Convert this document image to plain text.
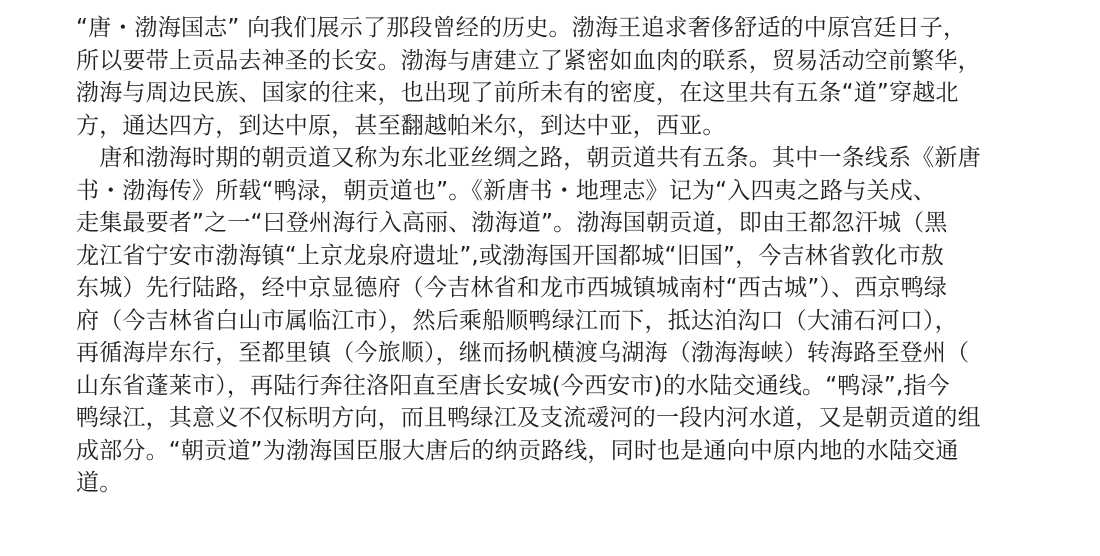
“唐・渤海国志” 向我们展示了那段曾经的历史。渤海王追求奢侈舒适的中原宫廷日子，
所以要带上贡品去神圣的长安。渤海与唐建立了紧密如血肉的联系，贸易活动空前繁华，
渤海与周边民族、国家的往来，也出现了前所未有的密度，在这里共有五条“道”穿越北
方，通达四方，到达中原，甚至翻越帕米尔，到达中亚，西亚。
　唐和渤海时期的朝贡道又称为东北亚丝绸之路，朝贡道共有五条。其中一条线系《新唐
书・渤海传》所载“鸭渌，朝贡道也”。《新唐书・地理志》记为“入四夷之路与关戍、
走集最要者”之一“曰登州海行入高丽、渤海道”。渤海国朝贡道，即由王都忽汗城（黑
龙江省宁安市渤海镇“上京龙泉府遗址”,或渤海国开国都城“旧国”，今吉林省敦化市敖
东城）先行陆路，经中京显德府（今吉林省和龙市西城镇城南村“西古城”）、西京鸭绿
府（今吉林省白山市属临江市），然后乘船顺鸭绿江而下，抵达泊沟口（大浦石河口），
再循海岸东行，至都里镇（今旅顺），继而扬帆横渡乌湖海（渤海海峡）转海路至登州（
山东省蓬莱市），再陆行奔往洛阳直至唐长安城(今西安市)的水陆交通线。“鸭渌”,指今
鸭绿江，其意义不仅标明方向，而且鸭绿江及支流叆河的一段内河水道，又是朝贡道的组
成部分。“朝贡道”为渤海国臣服大唐后的纳贡路线，同时也是通向中原内地的水陆交通
道。
